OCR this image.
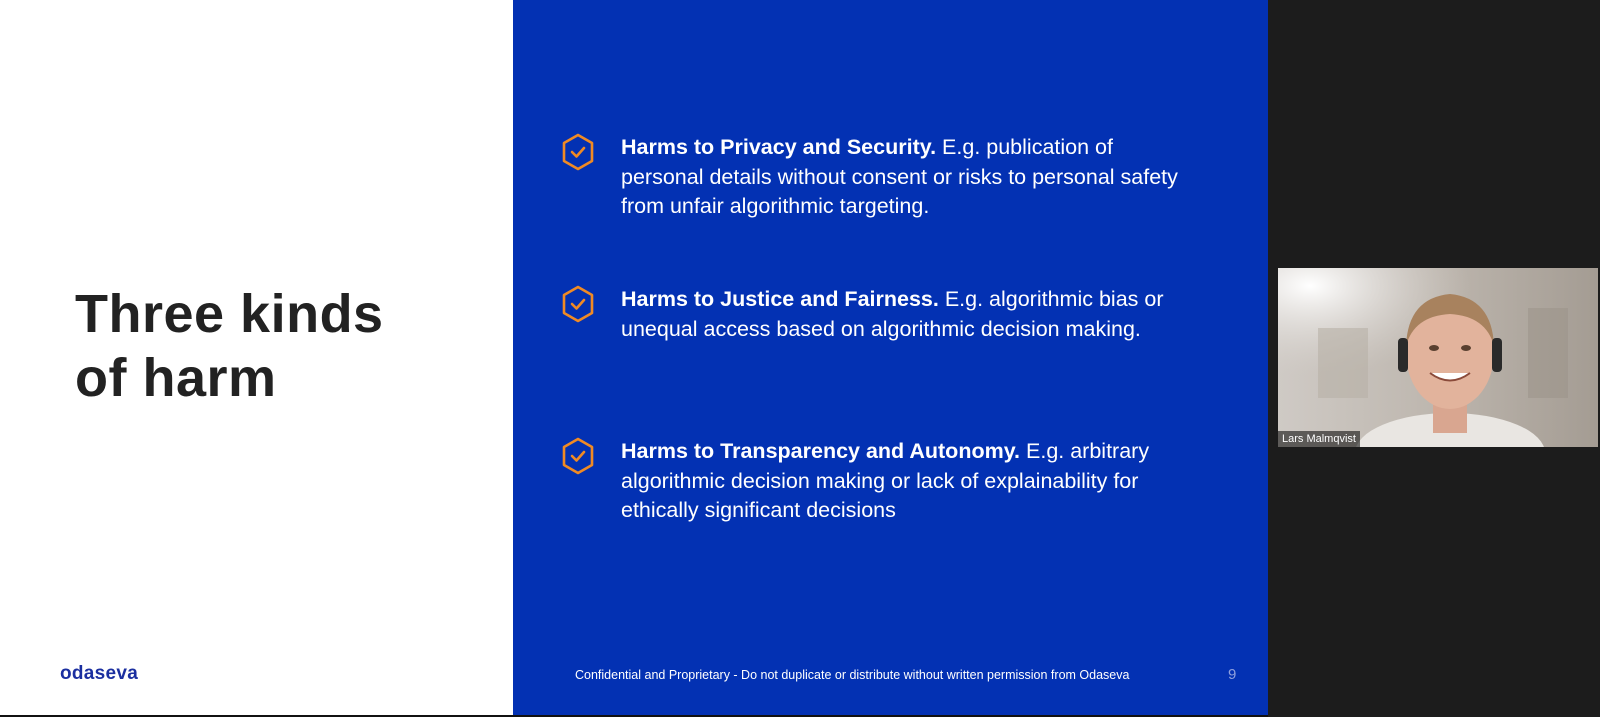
Three kinds
of harm
odaseva
Harms to Privacy and Security. E.g. publication of personal details without consent or risks to personal safety from unfair algorithmic targeting.
Harms to Justice and Fairness. E.g. algorithmic bias or unequal access based on algorithmic decision making.
Harms to Transparency and Autonomy. E.g. arbitrary algorithmic decision making or lack of explainability for ethically significant decisions
Confidential and Proprietary - Do not duplicate or distribute without written permission from Odaseva	9
Lars Malmqvist
